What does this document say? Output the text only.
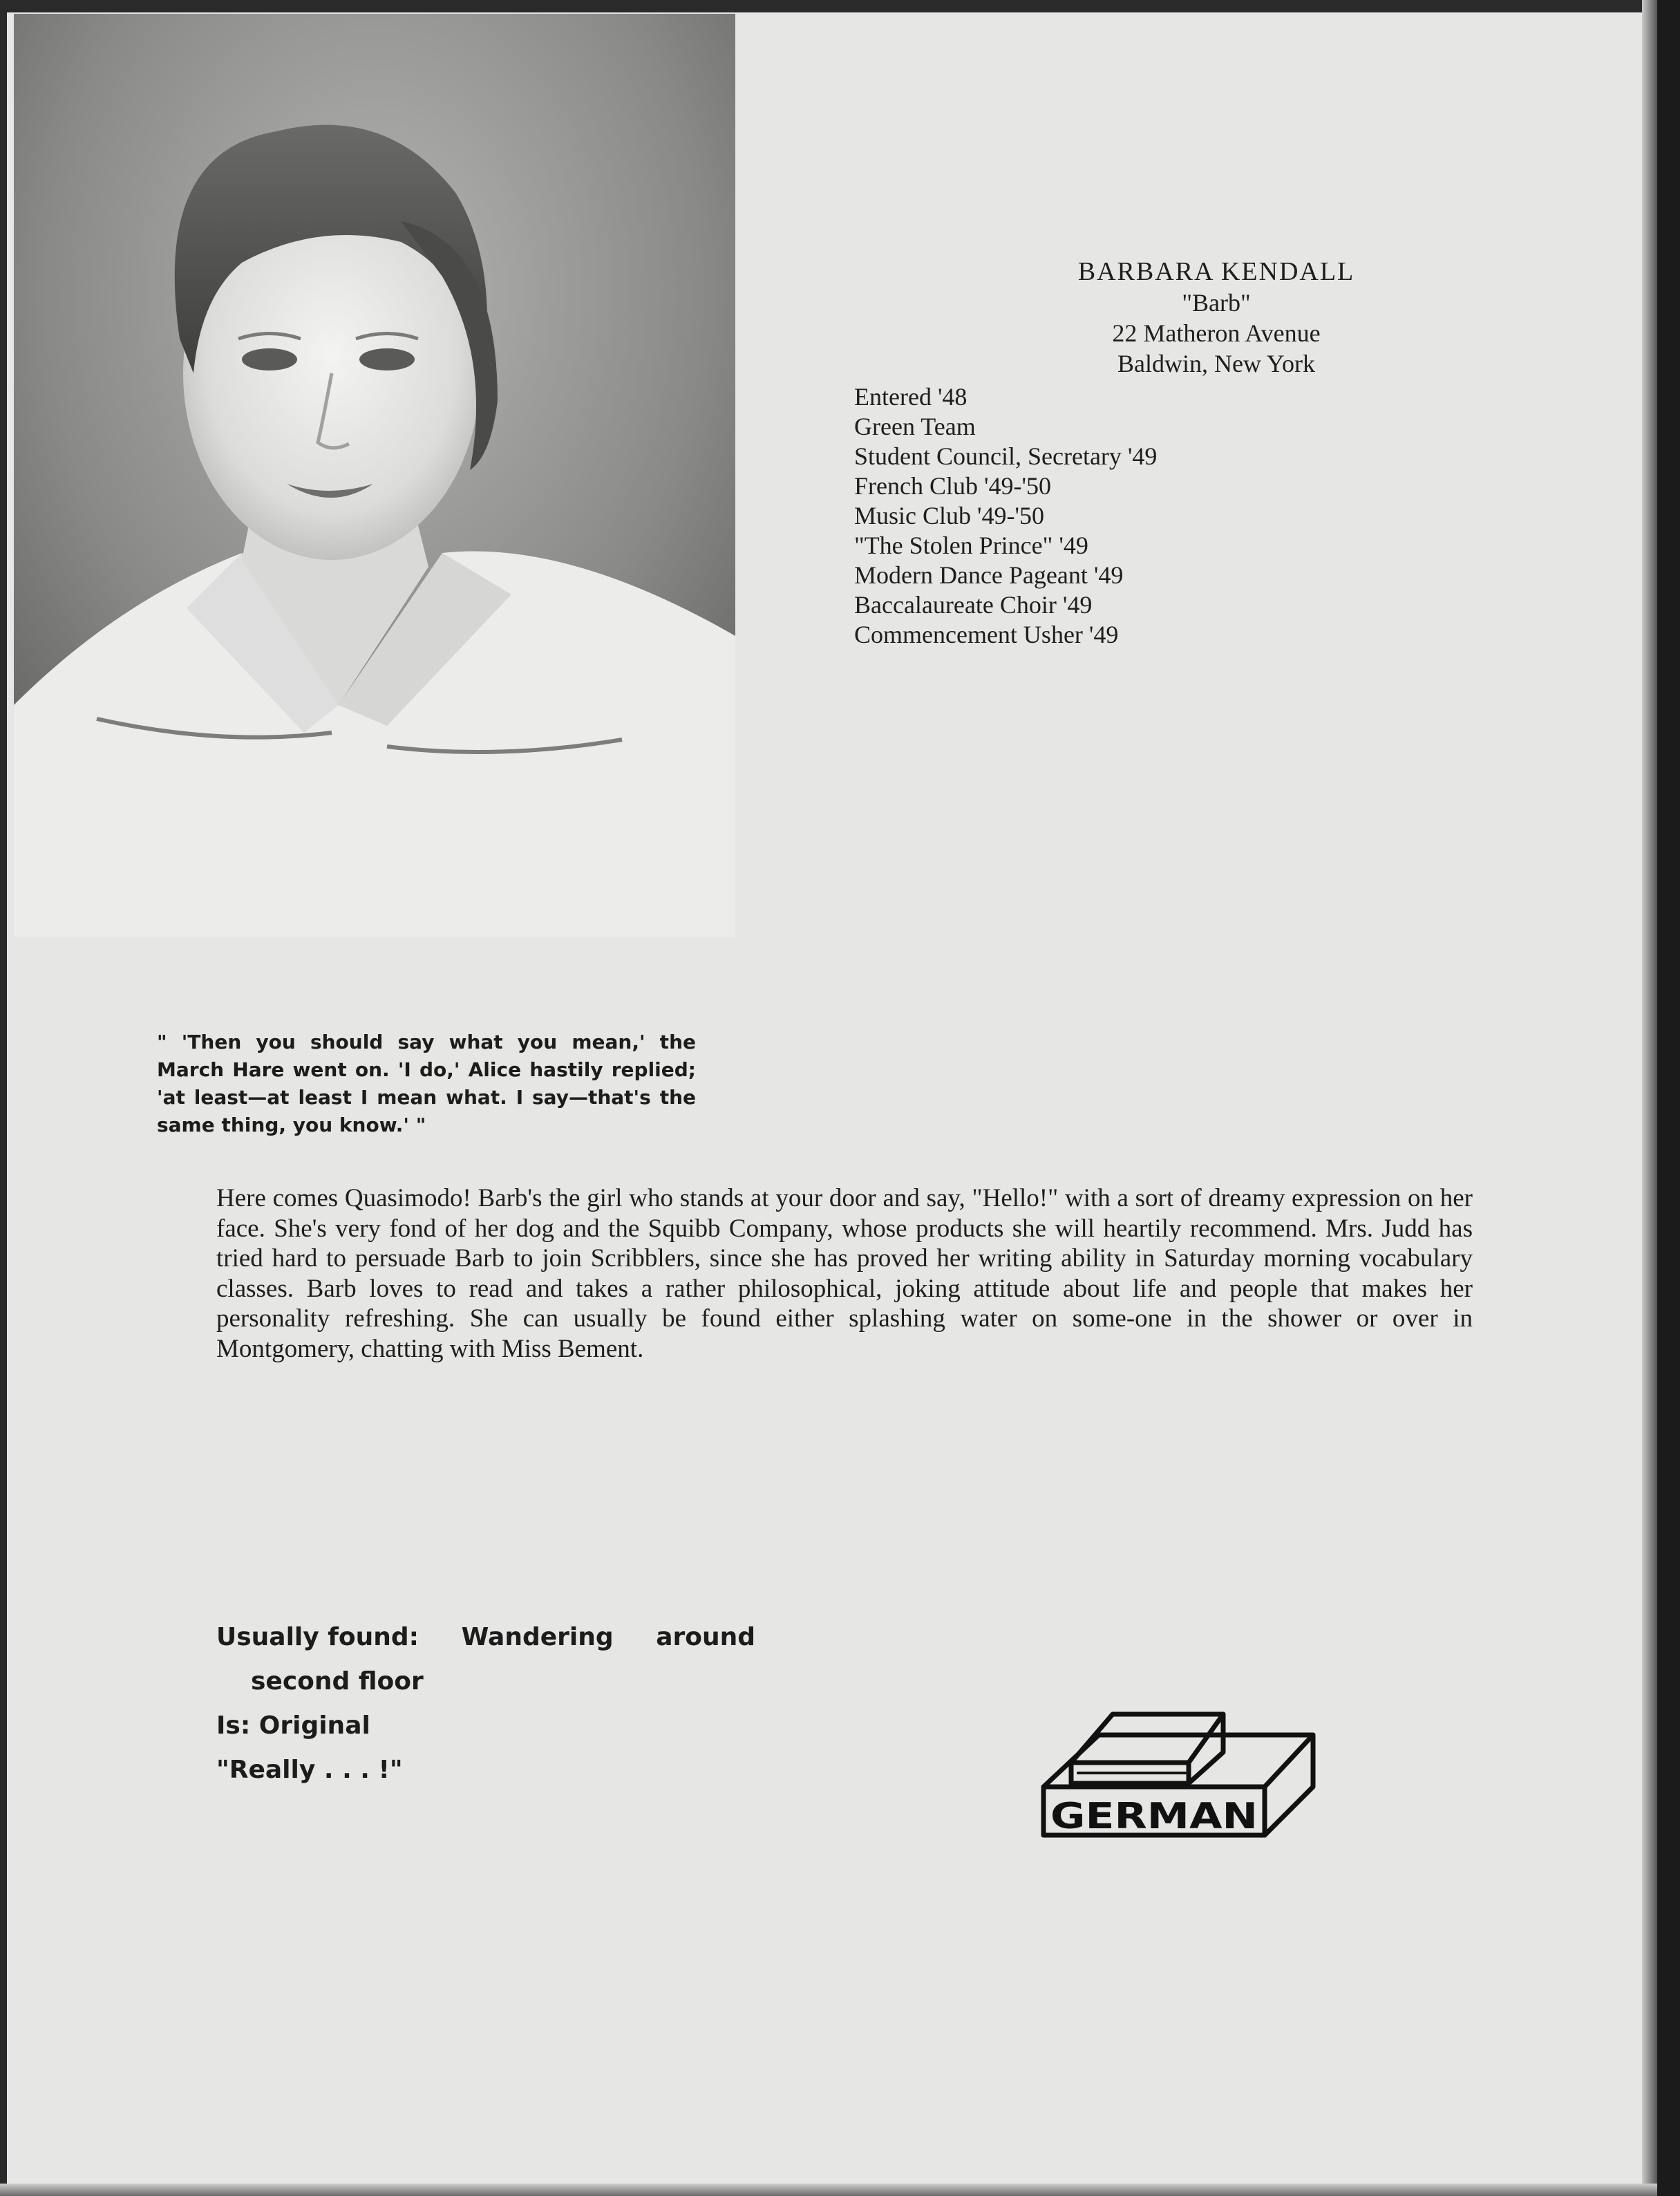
BARBARA KENDALL
"Barb"
22 Matheron Avenue
Baldwin, New York
Entered '48
Green Team
Student Council, Secretary '49
French Club '49-'50
Music Club '49-'50
"The Stolen Prince" '49
Modern Dance Pageant '49
Baccalaureate Choir '49
Commencement Usher '49
" 'Then you should say what you mean,' the March Hare went on. 'I do,' Alice hastily replied; 'at least—at least I mean what. I say—that's the same thing, you know.' "
Here comes Quasimodo! Barb's the girl who stands at your door and say, "Hello!" with a sort of dreamy expression on her face. She's very fond of her dog and the Squibb Company, whose products she will heartily recommend. Mrs. Judd has tried hard to persuade Barb to join Scribblers, since she has proved her writing ability in Saturday morning vocabulary classes. Barb loves to read and takes a rather philosophical, joking attitude about life and people that makes her personality refreshing. She can usually be found either splashing water on some-one in the shower or over in Montgomery, chatting with Miss Bement.
Usually found: Wandering around
second floor
Is: Original
"Really . . . !"
GERMAN
